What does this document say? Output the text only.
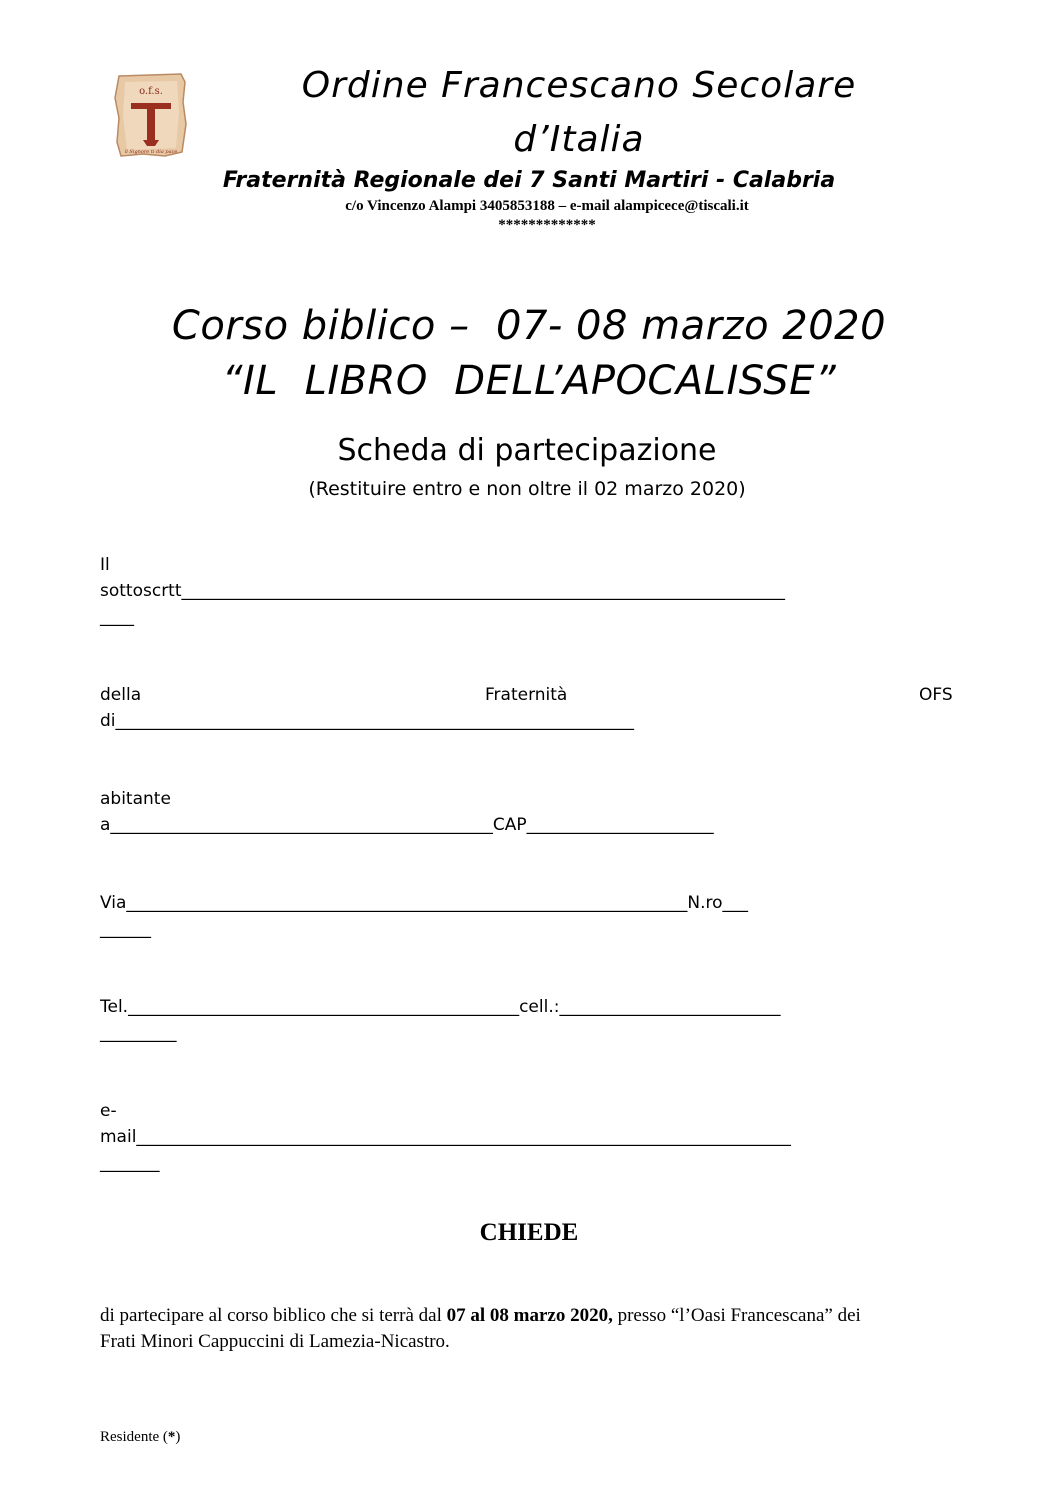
o.f.s.
il Signore ti dia pace
Ordine Francescano Secolare
d’Italia
Fraternità Regionale dei 7 Santi Martiri - Calabria
c/o Vincenzo Alampi 3405853188 – e-mail alampicece@tiscali.it
*************
Corso biblico –  07- 08 marzo 2020
“IL  LIBRO  DELL’APOCALISSE”
Scheda di partecipazione
(Restituire entro e non oltre il 02 marzo 2020)
Il
sottoscrtt_______________________________________________________________________
____
della	Fraternità	OFS
di_____________________________________________________________
abitante
a_____________________________________________CAP______________________
Via__________________________________________________________________N.ro___
______
Tel.______________________________________________cell.:__________________________
_________
e-
mail_____________________________________________________________________________
_______
CHIEDE
di partecipare al corso biblico che si terrà dal 07 al 08 marzo 2020, presso “l’Oasi Francescana” dei
Frati Minori Cappuccini di Lamezia-Nicastro.
Residente (*)
